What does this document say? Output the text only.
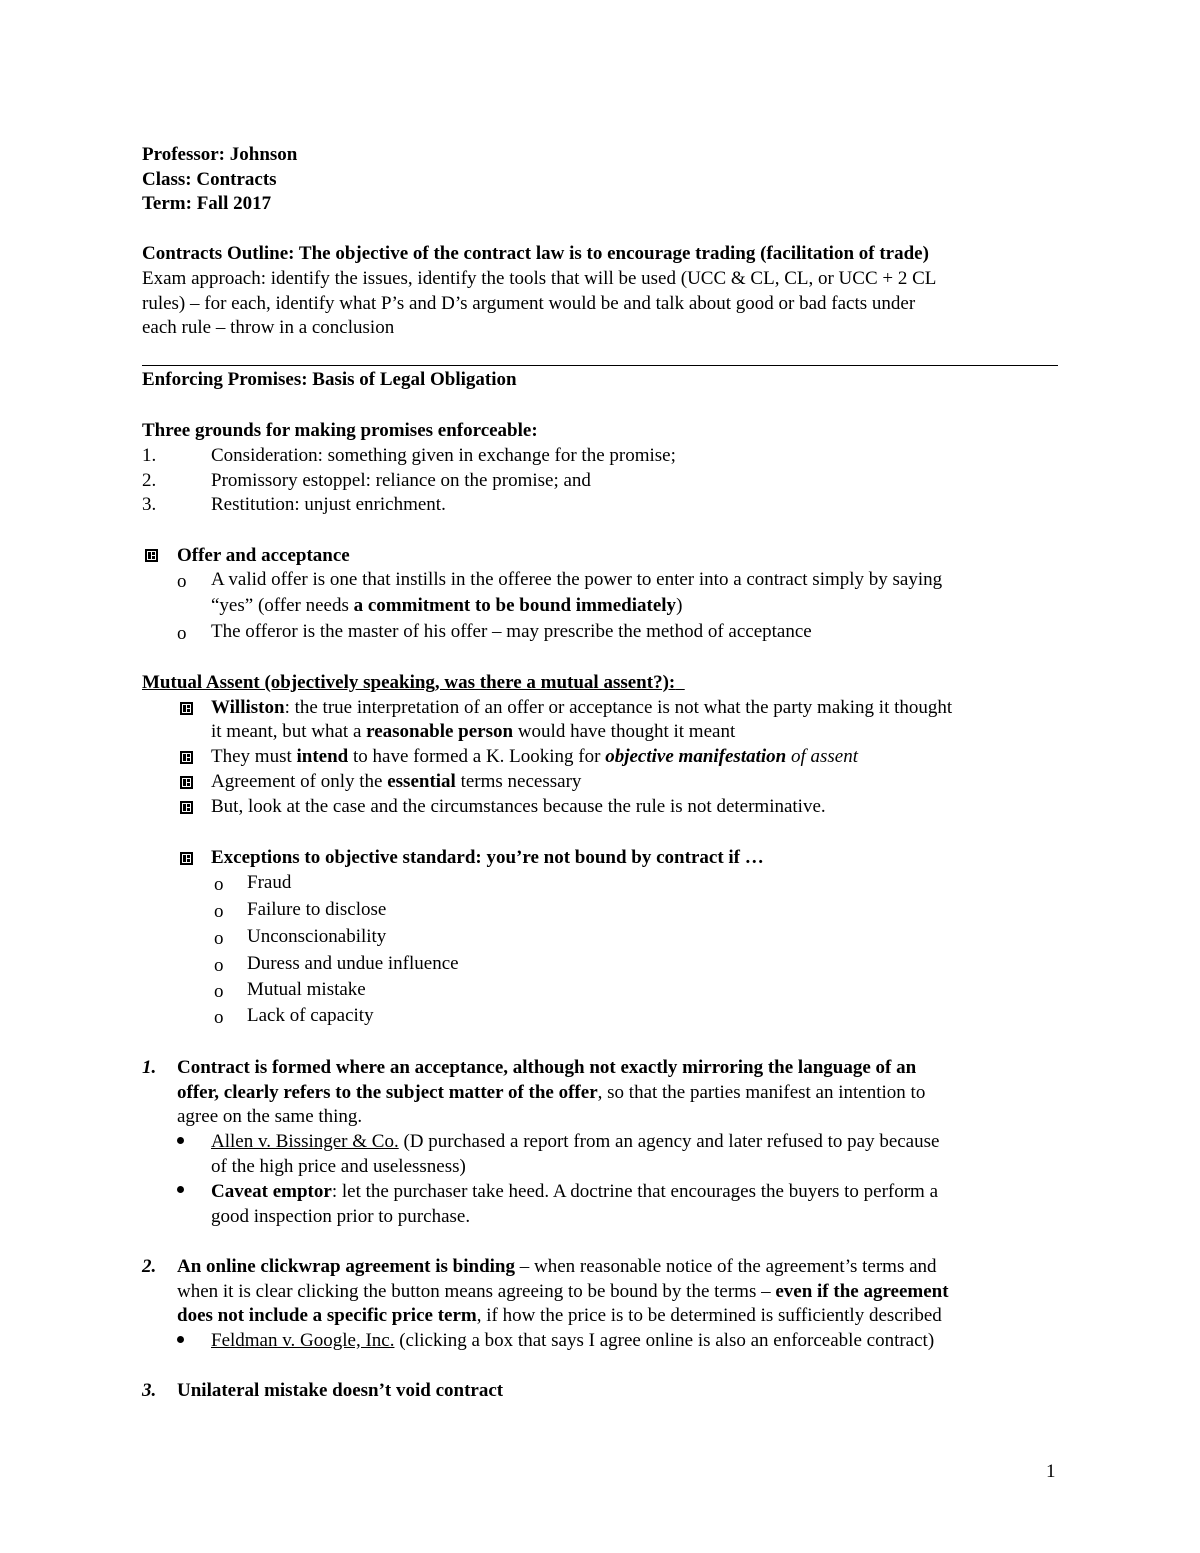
Professor: Johnson
Class: Contracts
Term: Fall 2017
Contracts Outline: The objective of the contract law is to encourage trading (facilitation of trade)
Exam approach: identify the issues, identify the tools that will be used (UCC & CL, CL, or UCC + 2 CL
rules) – for each, identify what P’s and D’s argument would be and talk about good or bad facts under
each rule – throw in a conclusion
Enforcing Promises: Basis of Legal Obligation
Three grounds for making promises enforceable:
1.	Consideration: something given in exchange for the promise;
2.	Promissory estoppel: reliance on the promise; and
3.	Restitution: unjust enrichment.
Offer and acceptance
o A valid offer is one that instills in the offeree the power to enter into a contract simply by saying
“yes” (offer needs a commitment to be bound immediately)
o The offeror is the master of his offer – may prescribe the method of acceptance
Mutual Assent (objectively speaking, was there a mutual assent?):
Williston: the true interpretation of an offer or acceptance is not what the party making it thought
it meant, but what a reasonable person would have thought it meant
They must intend to have formed a K. Looking for objective manifestation of assent
Agreement of only the essential terms necessary
But, look at the case and the circumstances because the rule is not determinative.
Exceptions to objective standard: you’re not bound by contract if …
o Fraud
o Failure to disclose
o Unconscionability
o Duress and undue influence
o Mutual mistake
o Lack of capacity
1. Contract is formed where an acceptance, although not exactly mirroring the language of an
offer, clearly refers to the subject matter of the offer, so that the parties manifest an intention to
agree on the same thing.
Allen v. Bissinger & Co. (D purchased a report from an agency and later refused to pay because
of the high price and uselessness)
Caveat emptor: let the purchaser take heed. A doctrine that encourages the buyers to perform a
good inspection prior to purchase.
2. An online clickwrap agreement is binding – when reasonable notice of the agreement’s terms and
when it is clear clicking the button means agreeing to be bound by the terms – even if the agreement
does not include a specific price term, if how the price is to be determined is sufficiently described
Feldman v. Google, Inc. (clicking a box that says I agree online is also an enforceable contract)
3. Unilateral mistake doesn’t void contract
1
